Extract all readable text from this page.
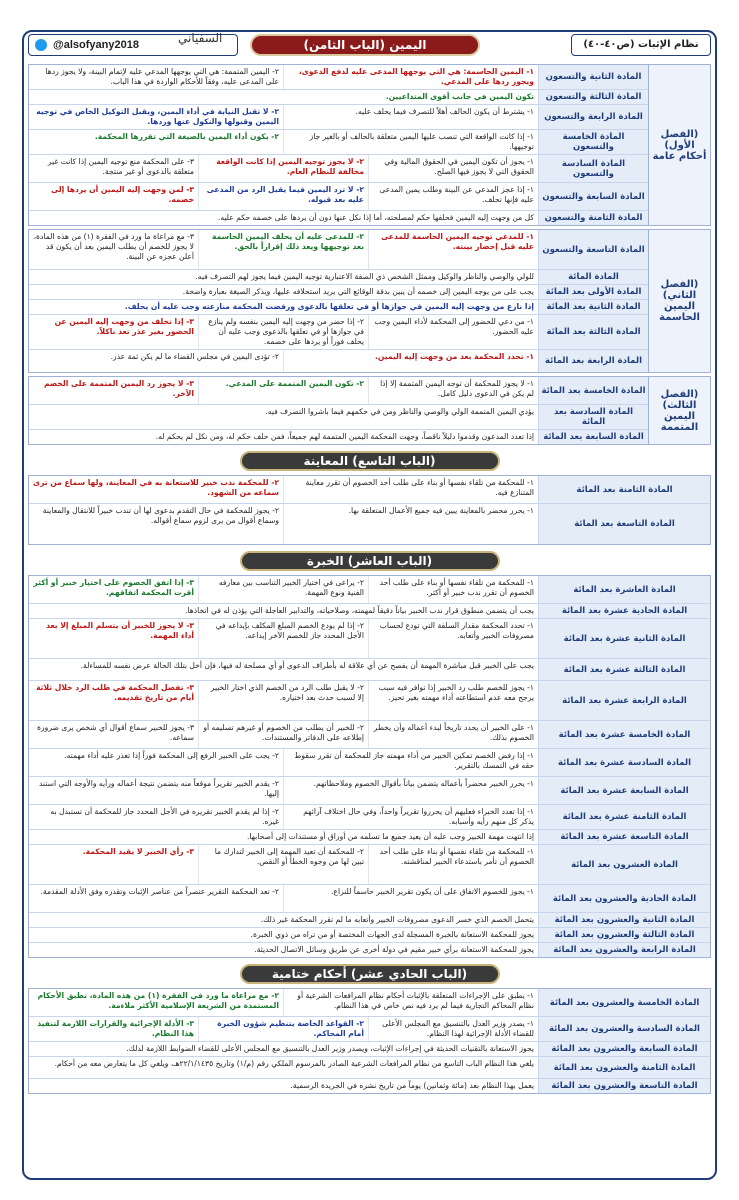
@alsofyany2018	السفياني	(الباب الثامن) اليمين	نظام الإثبات (ص٤٠-٤٠)
(الفصل الأول) أحكام عامة
المادة الثانية والتسعون
١- اليمين الحاسمة: هي التي يوجهها المدعى عليه لدفع الدعوى، ويجوز ردها على المدعي.
٢- اليمين المتممة: هي التي يوجهها المدعي عليه لإتمام البينة، ولا يجوز ردها على المدعى عليه، وفقاً للأحكام الواردة في هذا الباب.
المادة الثالثة والتسعون
تكون اليمين في جانب أقوى المتداعيين.
المادة الرابعة والتسعون
١- يشترط أن يكون الحالف أهلاً للتصرف فيما يحلف عليه.
٢- لا تقبل النيابة في أداء اليمين، ويقبل التوكيل الخاص في توجيه اليمين وقبولها والنكول عنها وردها.
المادة الخامسة والتسعون
١- إذا كانت الواقعة التي تنصب عليها اليمين متعلقة بالحالف أو بالغير جاز توجيهها.
٢- يكون أداء اليمين بالصيغة التي تقررها المحكمة.
المادة السادسة والتسعون
١- يجوز أن تكون اليمين في الحقوق المالية وفي الحقوق التي لا يجوز فيها الصلح.
٢- لا يجوز توجيه اليمين إذا كانت الواقعة مخالفة للنظام العام.
٣- على المحكمة منع توجيه اليمين إذا كانت غير متعلقة بالدعوى أو غير منتجة.
المادة السابعة والتسعون
١- إذا عجز المدعي عن البينة وطلب يمين المدعى عليه فإنها تحلف.
٢- لا ترد اليمين فيما يقبل الرد من المدعى عليه بعد قبوله.
٣- لمن وجهت إليه اليمين أن يردها إلى خصمه.
المادة الثامنة والتسعون
كل من وجهت إليه اليمين فحلفها حكم لمصلحته، أما إذا نكل عنها دون أن يردها على خصمه حكم عليه.
(الفصل الثاني) اليمين الحاسمة
المادة التاسعة والتسعون
١- للمدعي توجيه اليمين الحاسمة للمدعى عليه قبل إحضار بينته.
٢- للمدعى عليه أن يحلف اليمين الحاسمة بعد توجيهها ويعد ذلك إقراراً بالحق.
٣- مع مراعاة ما ورد في الفقرة (١) من هذه المادة، لا يجوز للخصم أن يطلب اليمين بعد أن يكون قد أعلن عجزه عن البينة.
المادة المائة
للولي والوصي والناظر والوكيل وممثل الشخص ذي الصفة الاعتبارية توجيه اليمين فيما يجوز لهم التصرف فيه.
المادة الأولى بعد المائة
يجب على من يوجه اليمين إلى خصمه أن يبين بدقة الوقائع التي يريد استحلافه عليها، ويذكر الصيغة بعبارة واضحة.
المادة الثانية بعد المائة
إذا نازع من وجهت إليه اليمين في جوازها أو في تعلقها بالدعوى ورفضت المحكمة منازعته وجب عليه أن يحلف.
المادة الثالثة بعد المائة
١- من دعي للحضور إلى المحكمة لأداء اليمين وجب عليه الحضور.
٢- إذا حضر من وجهت إليه اليمين بنفسه ولم ينازع في جوازها أو في تعلقها بالدعوى وجب عليه أن يحلف فوراً أو يردها على خصمه.
٣- إذا تخلف من وجهت إليه اليمين عن الحضور بغير عذر تعد ناكلاً.
المادة الرابعة بعد المائة
١- تحدد المحكمة بعد من وجهت إليه اليمين.
٢- تؤدى اليمين في مجلس القضاء ما لم يكن ثمة عذر.
(الفصل الثالث) اليمين المتممة
المادة الخامسة بعد المائة
١- لا يجوز للمحكمة أن توجه اليمين المتممة إلا إذا لم يكن في الدعوى دليل كامل.
٢- تكون اليمين المتممة على المدعي.
٣- لا يجوز رد اليمين المتممة على الخصم الآخر.
المادة السادسة بعد المائة
يؤدي اليمين المتممة الولي والوصي والناظر ومن في حكمهم فيما باشروا التصرف فيه.
المادة السابعة بعد المائة
إذا تعدد المدعون وقدموا دليلاً ناقصاً، وجهت المحكمة اليمين المتممة لهم جميعاً، فمن حلف حكم له، ومن نكل لم يحكم له.
(الباب التاسع) المعاينة
المادة الثامنة بعد المائة
١- للمحكمة من تلقاء نفسها أو بناء على طلب أحد الخصوم أن تقرر معاينة المتنازع فيه.
٢- للمحكمة ندب خبير للاستعانة به في المعاينة، ولها سماع من ترى سماعه من الشهود.
المادة التاسعة بعد المائة
١- يحرر محضر بالمعاينة يبين فيه جميع الأعمال المتعلقة بها.
٢- يجوز للمحكمة في حال التقدم بدعوى لها أن تندب خبيراً للانتقال والمعاينة وسماع أقوال من يرى لزوم سماع أقواله.
(الباب العاشر) الخبرة
المادة العاشرة بعد المائة
١- للمحكمة من تلقاء نفسها أو بناء على طلب أحد الخصوم أن تقرر ندب خبير أو أكثر.
٢- يراعى في اختيار الخبير التناسب بين معارفه الفنية ونوع المهمة.
٣- إذا اتفق الخصوم على اختيار خبير أو أكثر أقرت المحكمة اتفاقهم.
المادة الحادية عشرة بعد المائة
يجب أن يتضمن منطوق قرار ندب الخبير بياناً دقيقاً لمهمته، وصلاحياته، والتدابير العاجلة التي يؤذن له في اتخاذها.
المادة الثانية عشرة بعد المائة
١- تحدد المحكمة مقدار السلفة التي تودع لحساب مصروفات الخبير وأتعابه.
٢- إذا لم يودع الخصم المبلغ المكلف بإيداعه في الأجل المحدد جاز للخصم الآخر إيداعه.
٣- لا يجوز للخبير أن يتسلم المبلغ إلا بعد أداء المهمة.
المادة الثالثة عشرة بعد المائة
يجب على الخبير قبل مباشرة المهمة أن يفصح عن أي علاقة له بأطراف الدعوى أو أي مصلحة له فيها، فإن أخل بتلك الحالة عرض نفسه للمساءلة.
المادة الرابعة عشرة بعد المائة
١- يجوز للخصم طلب رد الخبير إذا توافر فيه سبب يرجح معه عدم استطاعته أداء مهمته بغير تحيز.
٢- لا يقبل طلب الرد من الخصم الذي اختار الخبير إلا لسبب حدث بعد اختياره.
٣- تفصل المحكمة في طلب الرد خلال ثلاثة أيام من تاريخ تقديمه.
المادة الخامسة عشرة بعد المائة
١- على الخبير أن يحدد تاريخاً لبدء أعماله وأن يخطر الخصوم بذلك.
٢- للخبير أن يطلب من الخصوم أو غيرهم تسليمه أو إطلاعه على الدفاتر والمستندات.
٣- يجوز للخبير سماع أقوال أي شخص يرى ضرورة سماعه.
المادة السادسة عشرة بعد المائة
١- إذا رفض الخصم تمكين الخبير من أداء مهمته جاز للمحكمة أن تقرر سقوط حقه في التمسك بالتقرير.
٢- يجب على الخبير الرفع إلى المحكمة فوراً إذا تعذر عليه أداء مهمته.
المادة السابعة عشرة بعد المائة
١- يحرر الخبير محضراً بأعماله يتضمن بياناً بأقوال الخصوم وملاحظاتهم.
٢- يقدم الخبير تقريراً موقعاً منه يتضمن نتيجة أعماله ورأيه والأوجه التي استند إليها.
المادة الثامنة عشرة بعد المائة
١- إذا تعدد الخبراء فعليهم أن يحرروا تقريراً واحداً، وفي حال اختلاف آرائهم يذكر كل منهم رأيه وأسبابه.
٢- إذا لم يقدم الخبير تقريره في الأجل المحدد جاز للمحكمة أن تستبدل به غيره.
المادة التاسعة عشرة بعد المائة
إذا انتهت مهمة الخبير وجب عليه أن يعيد جميع ما تسلمه من أوراق أو مستندات إلى أصحابها.
المادة العشرون بعد المائة
١- للمحكمة من تلقاء نفسها أو بناء على طلب أحد الخصوم أن تأمر باستدعاء الخبير لمناقشته.
٢- للمحكمة أن تعيد المهمة إلى الخبير لتدارك ما تبين لها من وجوه الخطأ أو النقص.
٣- رأي الخبير لا يقيد المحكمة.
المادة الحادية والعشرون بعد المائة
١- يجوز للخصوم الاتفاق على أن يكون تقرير الخبير حاسماً للنزاع.
٢- تعد المحكمة التقرير عنصراً من عناصر الإثبات وتقدره وفق الأدلة المقدمة.
المادة الثانية والعشرون بعد المائة
يتحمل الخصم الذي خسر الدعوى مصروفات الخبير وأتعابه ما لم تقرر المحكمة غير ذلك.
المادة الثالثة والعشرون بعد المائة
يجوز للمحكمة الاستعانة بالخبرة المسجلة لدى الجهات المختصة أو من تراه من ذوي الخبرة.
المادة الرابعة والعشرون بعد المائة
يجوز للمحكمة الاستعانة برأي خبير مقيم في دولة أخرى عن طريق وسائل الاتصال الحديثة.
(الباب الحادي عشر) أحكام ختامية
المادة الخامسة والعشرون بعد المائة
١- يطبق على الإجراءات المتعلقة بالإثبات أحكام نظام المرافعات الشرعية أو نظام المحاكم التجارية فيما لم يرد فيه نص خاص في هذا النظام.
٢- مع مراعاة ما ورد في الفقرة (١) من هذه المادة، تطبق الأحكام المستمدة من الشريعة الإسلامية الأكثر ملاءمة.
المادة السادسة والعشرون بعد المائة
١- يصدر وزير العدل بالتنسيق مع المجلس الأعلى للقضاء الأدلة الإجرائية لهذا النظام.
٢- القواعد الخاصة بتنظيم شؤون الخبرة أمام المحاكم.
٣- الأدلة الإجرائية والقرارات اللازمة لتنفيذ هذا النظام.
المادة السابعة والعشرون بعد المائة
يجوز الاستعانة بالتقنيات الحديثة في إجراءات الإثبات، ويصدر وزير العدل بالتنسيق مع المجلس الأعلى للقضاء الضوابط اللازمة لذلك.
المادة الثامنة والعشرون بعد المائة
يلغي هذا النظام الباب التاسع من نظام المرافعات الشرعية الصادر بالمرسوم الملكي رقم (م/١) وتاريخ ٢٢/١/١٤٣٥هـ، ويلغي كل ما يتعارض معه من أحكام.
المادة التاسعة والعشرون بعد المائة
يعمل بهذا النظام بعد (مائة وثمانين) يوماً من تاريخ نشره في الجريدة الرسمية.
